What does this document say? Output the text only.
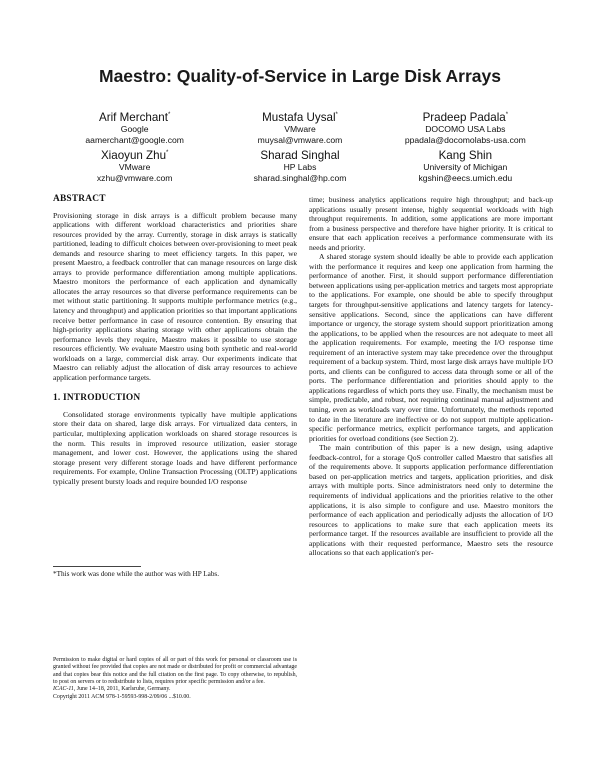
Maestro: Quality-of-Service in Large Disk Arrays
Arif Merchant*
Google
aamerchant@google.com
Mustafa Uysal*
VMware
muysal@vmware.com
Pradeep Padala*
DOCOMO USA Labs
ppadala@docomolabs-usa.com
Xiaoyun Zhu*
VMware
xzhu@vmware.com
Sharad Singhal
HP Labs
sharad.singhal@hp.com
Kang Shin
University of Michigan
kgshin@eecs.umich.edu
ABSTRACT

Provisioning storage in disk arrays is a difficult problem because many applications with different workload characteristics and priorities share resources provided by the array. Currently, storage in disk arrays is statically partitioned, leading to difficult choices between over-provisioning to meet peak demands and resource sharing to meet efficiency targets. In this paper, we present Maestro, a feedback controller that can manage resources on large disk arrays to provide performance differentiation among multiple applications. Maestro monitors the performance of each application and dynamically allocates the array resources so that diverse performance requirements can be met without static partitioning. It supports multiple performance metrics (e.g., latency and throughput) and application priorities so that important applications receive better performance in case of resource contention. By ensuring that high-priority applications sharing storage with other applications obtain the performance levels they require, Maestro makes it possible to use storage resources efficiently. We evaluate Maestro using both synthetic and real-world workloads on a large, commercial disk array. Our experiments indicate that Maestro can reliably adjust the allocation of disk array resources to achieve application performance targets.

1. INTRODUCTION

Consolidated storage environments typically have multiple applications store their data on shared, large disk arrays. For virtualized data centers, in particular, multiplexing application workloads on shared storage resources is the norm. This results in improved resource utilization, easier storage management, and lower cost. However, the applications using the shared storage present very different storage loads and have different performance requirements. For example, Online Transaction Processing (OLTP) applications typically present bursty loads and require bounded I/O response

*This work was done while the author was with HP Labs.
Permission to make digital or hard copies of all or part of this work for personal or classroom use is granted without fee provided that copies are not made or distributed for profit or commercial advantage and that copies bear this notice and the full citation on the first page. To copy otherwise, to republish, to post on servers or to redistribute to lists, requires prior specific permission and/or a fee.
ICAC-11, June 14–18, 2011, Karlsruhe, Germany.
Copyright 2011 ACM 978-1-59593-998-2/09/06 ...$10.00.

time; business analytics applications require high throughput; and back-up applications usually present intense, highly sequential workloads with high throughput requirements. In addition, some applications are more important from a business perspective and therefore have higher priority. It is critical to ensure that each application receives a performance commensurate with its needs and priority.

A shared storage system should ideally be able to provide each application with the performance it requires and keep one application from harming the performance of another. First, it should support performance differentiation between applications using per-application metrics and targets most appropriate to the applications. For example, one should be able to specify throughput targets for throughput-sensitive applications and latency targets for latency-sensitive applications. Second, since the applications can have different importance or urgency, the storage system should support prioritization among the applications, to be applied when the resources are not adequate to meet all the application requirements. For example, meeting the I/O response time requirement of an interactive system may take precedence over the throughput requirement of a backup system. Third, most large disk arrays have multiple I/O ports, and clients can be configured to access data through some or all of the ports. The performance differentiation and priorities should apply to the applications regardless of which ports they use. Finally, the mechanism must be simple, predictable, and robust, not requiring continual manual adjustment and tuning, even as workloads vary over time. Unfortunately, the methods reported to date in the literature are ineffective or do not support multiple application-specific performance metrics, explicit performance targets, and application priorities for overload conditions (see Section 2).

The main contribution of this paper is a new design, using adaptive feedback-control, for a storage QoS controller called Maestro that satisfies all of the requirements above. It supports application performance differentiation based on per-application metrics and targets, application priorities, and disk arrays with multiple ports. Since administrators need only to determine the requirements of individual applications and the priorities relative to the other applications, it is also simple to configure and use. Maestro monitors the performance of each application and periodically adjusts the allocation of I/O resources to applications to make sure that each application meets its performance target. If the resources available are insufficient to provide all the applications with their requested performance, Maestro sets the resource allocations so that each application's per-
